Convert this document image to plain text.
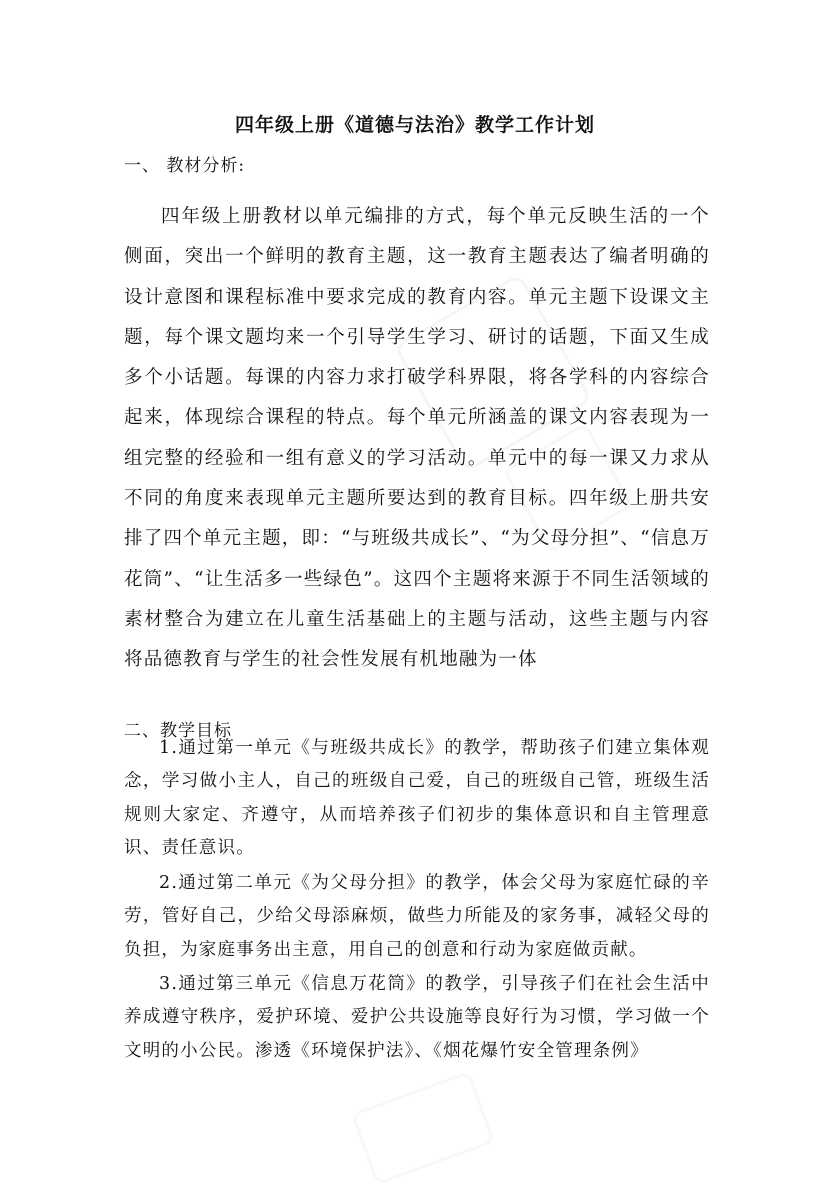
四年级上册《道德与法治》教学工作计划
一、 教材分析:

四年级上册教材以单元编排的方式，每个单元反映生活的一个侧面，突出一个鲜明的教育主题，这一教育主题表达了编者明确的设计意图和课程标准中要求完成的教育内容。单元主题下设课文主题，每个课文题均来一个引导学生学习、研讨的话题，下面又生成多个小话题。每课的内容力求打破学科界限，将各学科的内容综合起来，体现综合课程的特点。每个单元所涵盖的课文内容表现为一组完整的经验和一组有意义的学习活动。单元中的每一课又力求从不同的角度来表现单元主题所要达到的教育目标。四年级上册共安排了四个单元主题，即：“与班级共成长”、“为父母分担”、“信息万花筒”、“让生活多一些绿色”。这四个主题将来源于不同生活领域的素材整合为建立在儿童生活基础上的主题与活动，这些主题与内容将品德教育与学生的社会性发展有机地融为一体

二、教学目标

1.通过第一单元《与班级共成长》的教学，帮助孩子们建立集体观念，学习做小主人，自己的班级自己爱，自己的班级自己管，班级生活规则大家定、齐遵守，从而培养孩子们初步的集体意识和自主管理意识、责任意识。

2.通过第二单元《为父母分担》的教学，体会父母为家庭忙碌的辛劳，管好自己，少给父母添麻烦，做些力所能及的家务事，减轻父母的负担，为家庭事务出主意，用自己的创意和行动为家庭做贡献。

3.通过第三单元《信息万花筒》的教学，引导孩子们在社会生活中养成遵守秩序，爱护环境、爱护公共设施等良好行为习惯，学习做一个文明的小公民。渗透《环境保护法》、《烟花爆竹安全管理条例》
